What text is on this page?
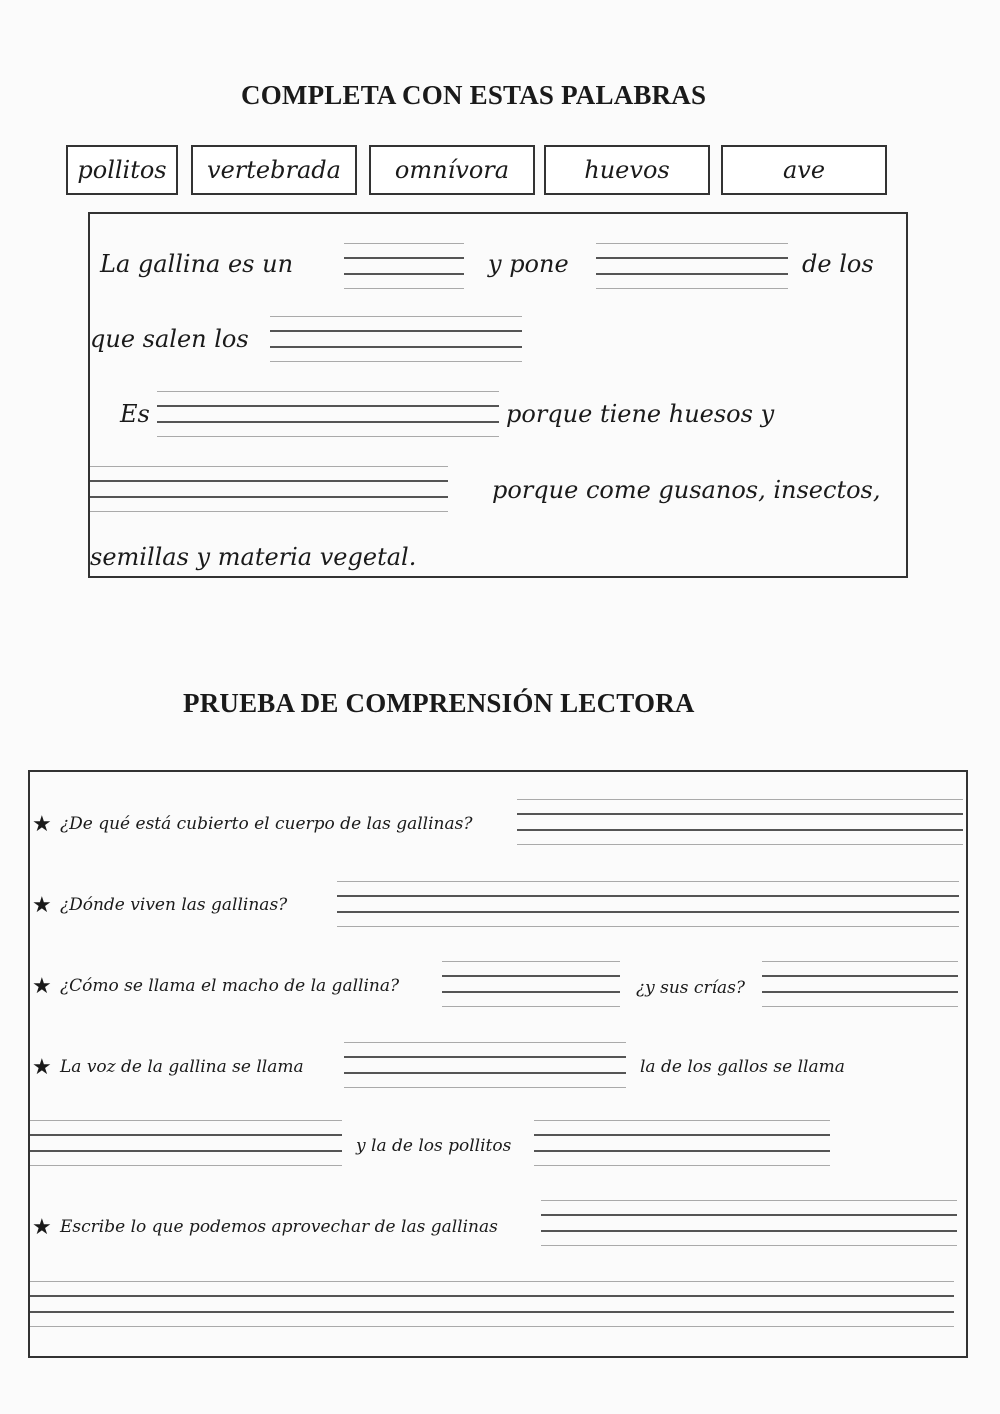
COMPLETA CON ESTAS PALABRAS
pollitos	vertebrada	omnívora	huevos	ave
La gallina es un	y pone	de los
que salen los
Es	porque tiene huesos y
porque come gusanos, insectos,
semillas y materia vegetal.
PRUEBA DE COMPRENSIÓN LECTORA
★ ¿De qué está cubierto el cuerpo de las gallinas?
★ ¿Dónde viven las gallinas?
★ ¿Cómo se llama el macho de la gallina?	¿y sus crías?
★ La voz de la gallina se llama	la de los gallos se llama
y la de los pollitos
★ Escribe lo que podemos aprovechar de las gallinas
